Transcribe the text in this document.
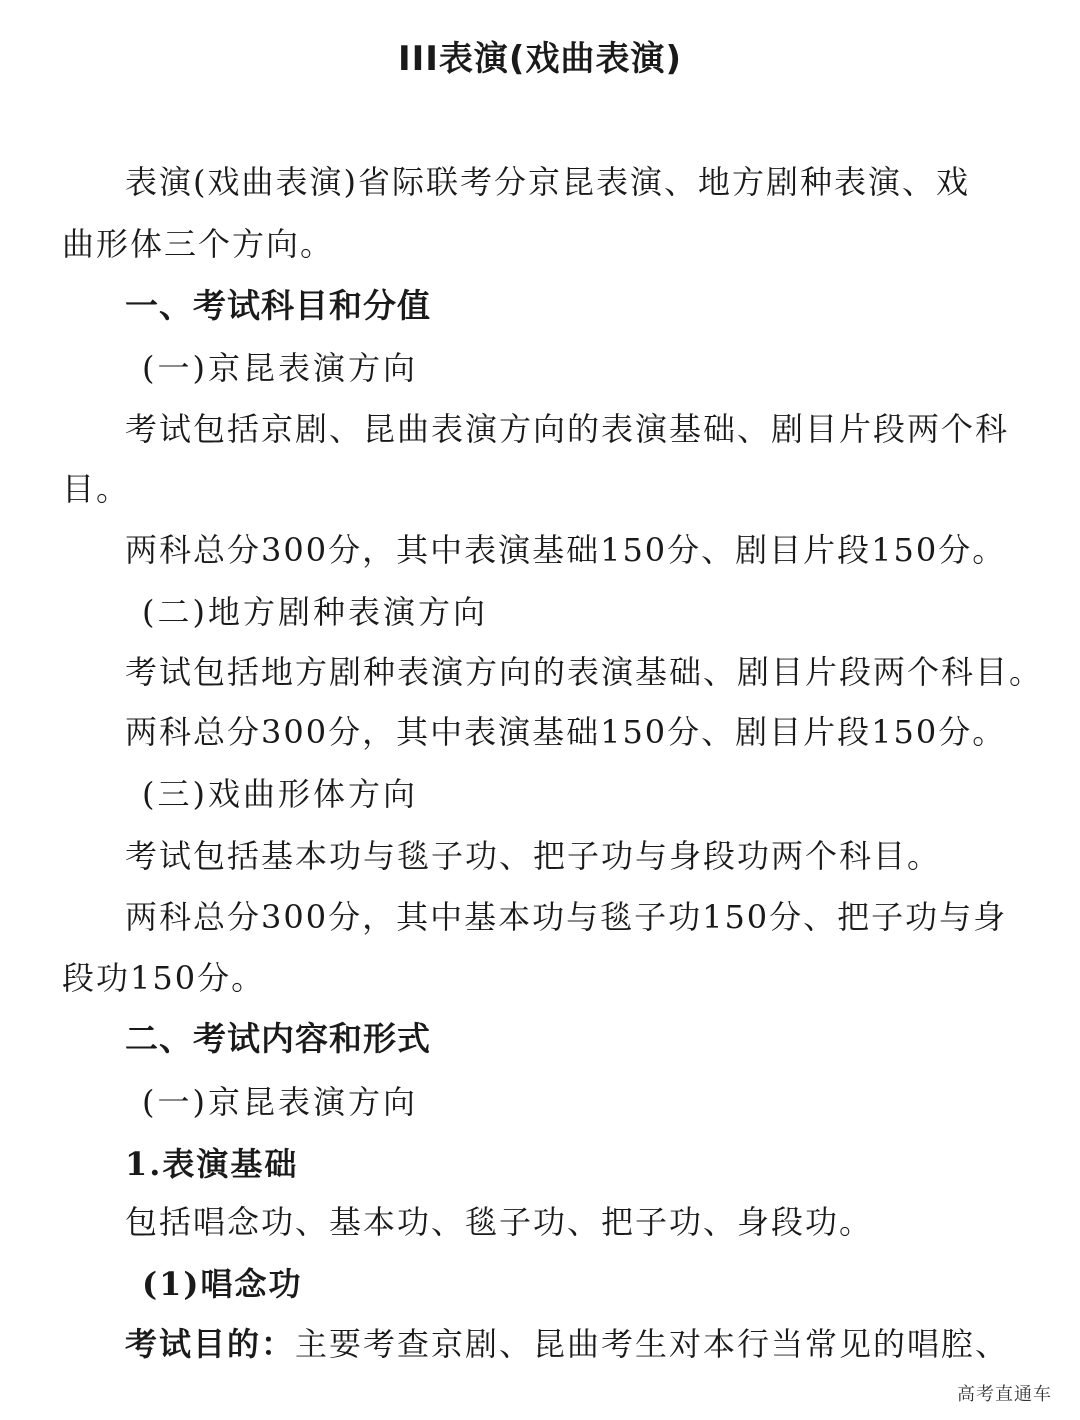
III表演(戏曲表演)
表演(戏曲表演)省际联考分京昆表演、地方剧种表演、戏
曲形体三个方向。
一、考试科目和分值
(一)京昆表演方向
考试包括京剧、昆曲表演方向的表演基础、剧目片段两个科
目。
两科总分300分，其中表演基础150分、剧目片段150分。
(二)地方剧种表演方向
考试包括地方剧种表演方向的表演基础、剧目片段两个科目。
两科总分300分，其中表演基础150分、剧目片段150分。
(三)戏曲形体方向
考试包括基本功与毯子功、把子功与身段功两个科目。
两科总分300分，其中基本功与毯子功150分、把子功与身
段功150分。
二、考试内容和形式
(一)京昆表演方向
1.表演基础
包括唱念功、基本功、毯子功、把子功、身段功。
(1)唱念功
考试目的：主要考查京剧、昆曲考生对本行当常见的唱腔、
高考直通车
